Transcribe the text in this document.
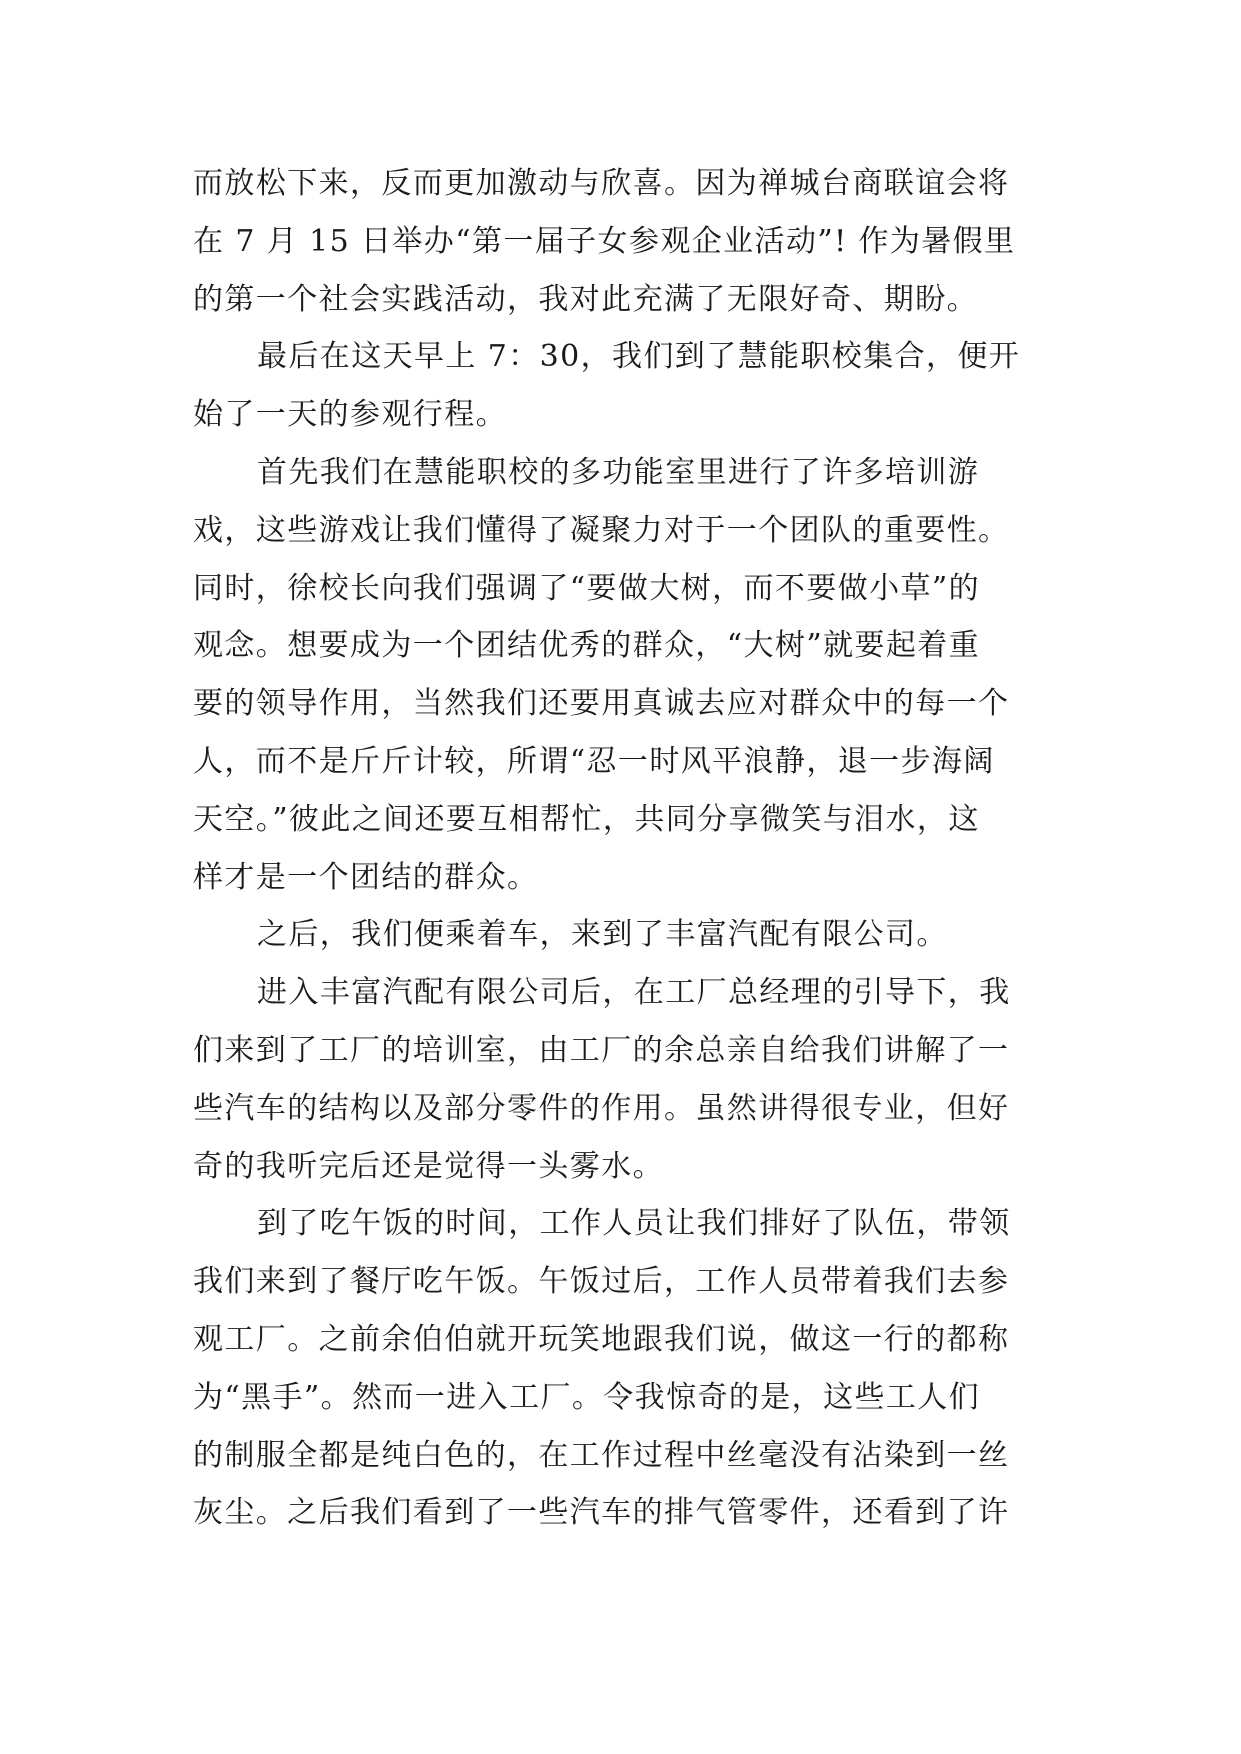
而放松下来，反而更加激动与欣喜。因为禅城台商联谊会将
在 7 月 15 日举办“第一届子女参观企业活动”! 作为暑假里
的第一个社会实践活动，我对此充满了无限好奇、期盼。
最后在这天早上 7：30，我们到了慧能职校集合，便开
始了一天的参观行程。
首先我们在慧能职校的多功能室里进行了许多培训游
戏，这些游戏让我们懂得了凝聚力对于一个团队的重要性。
同时，徐校长向我们强调了“要做大树，而不要做小草”的
观念。想要成为一个团结优秀的群众，“大树”就要起着重
要的领导作用，当然我们还要用真诚去应对群众中的每一个
人，而不是斤斤计较，所谓“忍一时风平浪静，退一步海阔
天空。”彼此之间还要互相帮忙，共同分享微笑与泪水，这
样才是一个团结的群众。
之后，我们便乘着车，来到了丰富汽配有限公司。
进入丰富汽配有限公司后，在工厂总经理的引导下，我
们来到了工厂的培训室，由工厂的余总亲自给我们讲解了一
些汽车的结构以及部分零件的作用。虽然讲得很专业，但好
奇的我听完后还是觉得一头雾水。
到了吃午饭的时间，工作人员让我们排好了队伍，带领
我们来到了餐厅吃午饭。午饭过后，工作人员带着我们去参
观工厂。之前余伯伯就开玩笑地跟我们说，做这一行的都称
为“黑手”。然而一进入工厂。令我惊奇的是，这些工人们
的制服全都是纯白色的，在工作过程中丝毫没有沾染到一丝
灰尘。之后我们看到了一些汽车的排气管零件，还看到了许
